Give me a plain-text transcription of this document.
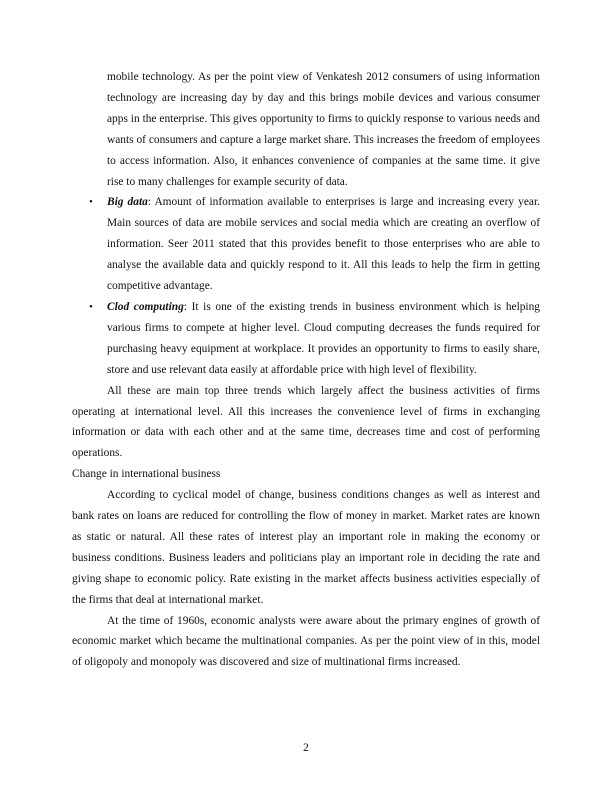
mobile technology. As per the point view of Venkatesh 2012 consumers of using information technology are increasing day by day and this brings mobile devices and various consumer apps in the enterprise. This gives opportunity to firms to quickly response to various needs and wants of consumers and capture a large market share. This increases the freedom of employees to access information. Also, it enhances convenience of companies at the same time. it give rise to many challenges for example security of data.

• Big data: Amount of information available to enterprises is large and increasing every year. Main sources of data are mobile services and social media which are creating an overflow of information. Seer 2011 stated that this provides benefit to those enterprises who are able to analyse the available data and quickly respond to it. All this leads to help the firm in getting competitive advantage.

• Clod computing: It is one of the existing trends in business environment which is helping various firms to compete at higher level. Cloud computing decreases the funds required for purchasing heavy equipment at workplace. It provides an opportunity to firms to easily share, store and use relevant data easily at affordable price with high level of flexibility.

All these are main top three trends which largely affect the business activities of firms operating at international level. All this increases the convenience level of firms in exchanging information or data with each other and at the same time, decreases time and cost of performing operations.

Change in international business

According to cyclical model of change, business conditions changes as well as interest and bank rates on loans are reduced for controlling the flow of money in market. Market rates are known as static or natural. All these rates of interest play an important role in making the economy or business conditions. Business leaders and politicians play an important role in deciding the rate and giving shape to economic policy. Rate existing in the market affects business activities especially of the firms that deal at international market.

At the time of 1960s, economic analysts were aware about the primary engines of growth of economic market which became the multinational companies. As per the point view of in this, model of oligopoly and monopoly was discovered and size of multinational firms increased.

2
